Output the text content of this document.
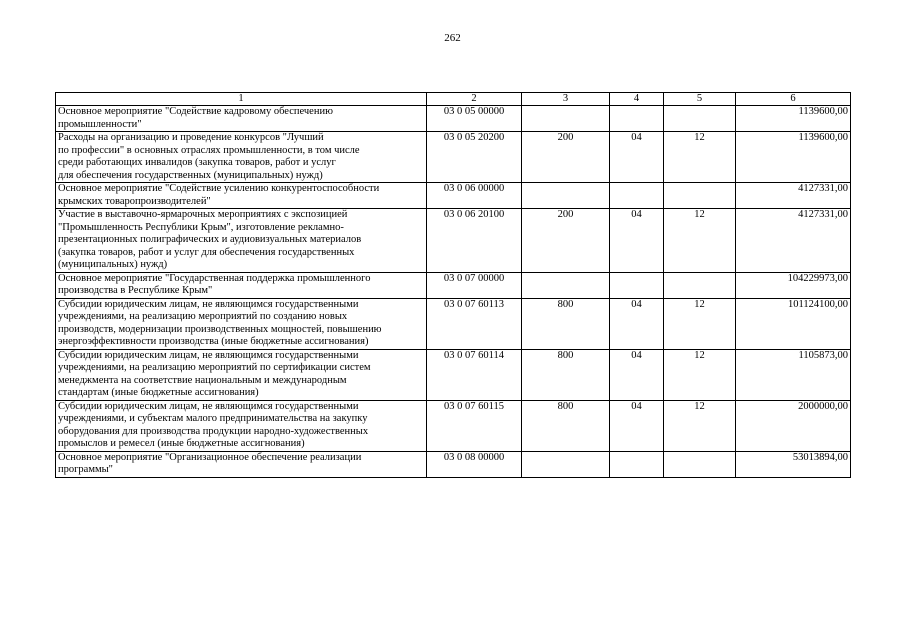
262
1	2	3	4	5	6
Основное мероприятие "Содействие кадровому обеспечению
промышленности"	03 0 05 00000				1139600,00
Расходы на организацию и проведение конкурсов "Лучший
по профессии" в основных отраслях промышленности, в том числе
среди работающих инвалидов (закупка товаров, работ и услуг
для обеспечения государственных (муниципальных) нужд)	03 0 05 20200	200	04	12	1139600,00
Основное мероприятие "Содействие усилению конкурентоспособности
крымских товаропроизводителей"	03 0 06 00000				4127331,00
Участие в выставочно-ярмарочных мероприятиях с экспозицией
"Промышленность Республики Крым", изготовление рекламно-
презентационных полиграфических и аудиовизуальных материалов
(закупка товаров, работ и услуг для обеспечения государственных
(муниципальных) нужд)	03 0 06 20100	200	04	12	4127331,00
Основное мероприятие "Государственная поддержка промышленного
производства в Республике Крым"	03 0 07 00000				104229973,00
Субсидии юридическим лицам, не являющимся государственными
учреждениями, на реализацию мероприятий по созданию новых
производств, модернизации производственных мощностей, повышению
энергоэффективности производства (иные бюджетные ассигнования)	03 0 07 60113	800	04	12	101124100,00
Субсидии юридическим лицам, не являющимся государственными
учреждениями, на реализацию мероприятий по сертификации систем
менеджмента на соответствие национальным и международным
стандартам (иные бюджетные ассигнования)	03 0 07 60114	800	04	12	1105873,00
Субсидии юридическим лицам, не являющимся государственными
учреждениями, и субъектам малого предпринимательства на закупку
оборудования для производства продукции народно-художественных
промыслов и ремесел (иные бюджетные ассигнования)	03 0 07 60115	800	04	12	2000000,00
Основное мероприятие "Организационное обеспечение реализации
программы"	03 0 08 00000				53013894,00
